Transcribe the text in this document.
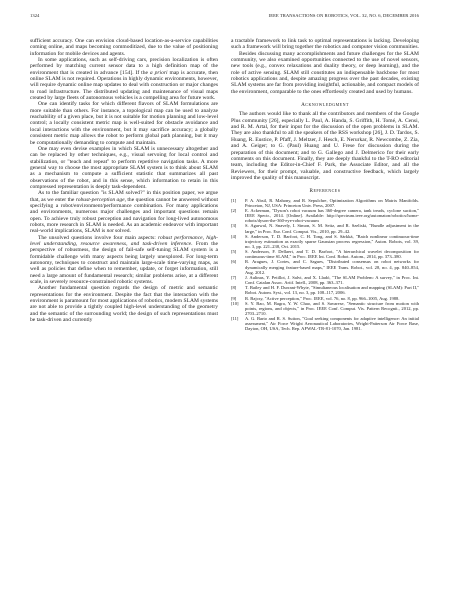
1324	IEEE TRANSACTIONS ON ROBOTICS, VOL. 32, NO. 6, DECEMBER 2016

sufficient accuracy. One can envision cloud-based location-as-a-service capabilities coming online, and maps becoming commoditized, due to the value of positioning information for mobile devices and agents.

In some applications, such as self-driving cars, precision localization is often performed by matching current sensor data to a high definition map of the environment that is created in advance [154]. If the a priori map is accurate, then online SLAM is not required. Operations in highly dynamic environments, however, will require dynamic online map updates to deal with construction or major changes to road infrastructure. The distributed updating and maintenance of visual maps created by large fleets of autonomous vehicles is a compelling area for future work.

One can identify tasks for which different flavors of SLAM formulations are more suitable than others. For instance, a topological map can be used to analyze reachability of a given place, but it is not suitable for motion planning and low-level control; a locally consistent metric map is well-suited for obstacle avoidance and local interactions with the environment, but it may sacrifice accuracy; a globally consistent metric map allows the robot to perform global path planning, but it may be computationally demanding to compute and maintain.

One may even devise examples in which SLAM is unnecessary altogether and can be replaced by other techniques, e.g., visual servoing for local control and stabilization, or "teach and repeat" to perform repetitive navigation tasks. A more general way to choose the most appropriate SLAM system is to think about SLAM as a mechanism to compute a sufficient statistic that summarizes all past observations of the robot, and in this sense, which information to retain in this compressed representation is deeply task-dependent.

As to the familiar question "is SLAM solved?" in this position paper, we argue that, as we enter the robust-perception age, the question cannot be answered without specifying a robot/environment/performance combination. For many applications and environments, numerous major challenges and important questions remain open. To achieve truly robust perception and navigation for long-lived autonomous robots, more research in SLAM is needed. As an academic endeavor with important real-world implications, SLAM is not solved.

The unsolved questions involve four main aspects: robust performance, high-level understanding, resource awareness, and task-driven inference. From the perspective of robustness, the design of fail-safe self-tuning SLAM system is a formidable challenge with many aspects being largely unexplored. For long-term autonomy, techniques to construct and maintain large-scale time-varying maps, as well as policies that define when to remember, update, or forget information, still need a large amount of fundamental research; similar problems arise, at a different scale, in severely resource-constrained robotic systems.

Another fundamental question regards the design of metric and semantic representations for the environment. Despite the fact that the interaction with the environment is paramount for most applications of robotics, modern SLAM systems are not able to provide a tightly coupled high-level understanding of the geometry and the semantic of the surrounding world; the design of such representations must be task-driven and currently

a tractable framework to link task to optimal representations is lacking. Developing such a framework will bring together the robotics and computer vision communities.

Besides discussing many accomplishments and future challenges for the SLAM community, we also examined opportunities connected to the use of novel sensors, new tools (e.g., convex relaxations and duality theory, or deep learning), and the role of active sensing. SLAM still constitutes an indispensable backbone for most robotics applications and, despite amazing progress over the past decades, existing SLAM systems are far from providing insightful, actionable, and compact models of the environment, comparable to the ones effortlessly created and used by humans.

Acknowledgment

The authors would like to thank all the contributors and members of the Google Plus community [26], especially L. Paul, A. Handa, S. Griffith, H. Tomé, A. Censi, and R. M. Artal, for their input for the discussion of the open problems in SLAM. They are also thankful to all the speakers of the RSS workshop [26], J. D. Tardos, S. Huang, R. Eustice, P. Pfaff, J. Meltzer, J. Hesch, E. Nerurkar, R. Newcombe, Z. Zia, and A. Geiger; to G. (Paul) Huang and U. Frese for discussion during the preparation of this document; and to G. Gallego and J. Delmerico for their early comments on this document. Finally, they are deeply thankful to the T-RO editorial team, including the Editor-in-Chief F. Park, the Associate Editor, and all the Reviewers, for their prompt, valuable, and constructive feedback, which largely improved the quality of this manuscript.

References
[1]	P. A. Absil, R. Mahony, and R. Sepulchre, Optimization Algorithms on Matrix Manifolds. Princeton, NJ, USA: Princeton Univ. Press, 2007.
[2]	E. Ackerman, "Dyson's robot vacuum has 360-degree camera, tank treads, cyclone suction," IEEE Spectr., 2014. [Online]. Available: http://spectrum.ieee.org/automaton/robotics/home-robots/dyson-the-360-eye-robot-vacuum
[3]	S. Agarwal, N. Snavely, I. Simon, S. M. Seitz, and R. Szeliski, "Bundle adjustment in the large," in Proc. Eur. Conf. Comput. Vis., 2010, pp. 29–42.
[4]	S. Anderson, T. D. Barfoot, C. H. Tong, and S. Särkkä, "Batch nonlinear continuous-time trajectory estimation as exactly sparse Gaussian process regression," Auton. Robots, vol. 39, no. 3, pp. 221–238, Oct. 2015.
[5]	S. Anderson, F. Dellaert, and T. D. Barfoot, "A hierarchical wavelet decomposition for continuous-time SLAM," in Proc. IEEE Int. Conf. Robot. Autom., 2014, pp. 373–380.
[6]	R. Aragues, J. Cortes, and C. Sagues, "Distributed consensus on robot networks for dynamically merging feature-based maps," IEEE Trans. Robot., vol. 28, no. 4, pp. 840–854, Aug. 2012.
[7]	J. Aulinas, Y. Petillot, J. Salvi, and X. Lladó, "The SLAM Problem: A survey," in Proc. Int. Conf. Catalan Assoc. Artif. Intell., 2008, pp. 363–371.
[8]	T. Bailey and H. F. Durrant-Whyte, "Simultaneous localisation and mapping (SLAM): Part II," Robot. Autom. Syst., vol. 13, no. 3, pp. 108–117, 2006.
[9]	R. Bajcsy, "Active perception," Proc. IEEE, vol. 76, no. 8, pp. 966–1005, Aug. 1988.
[10]	S. Y. Bao, M. Bagra, Y. W. Chao, and S. Savarese, "Semantic structure from motion with points, regions, and objects," in Proc. IEEE Conf. Comput. Vis. Pattern Recognit., 2012, pp. 2703–2710.
[11]	A. G. Barto and R. S. Sutton, "Goal seeking components for adaptive intelligence: An initial assessment," Air Force Wright Aeronautical Laboratories, Wright-Patterson Air Force Base, Dayton, OH, USA, Tech. Rep. AFWAL-TR-81-1070, Jan. 1981.
